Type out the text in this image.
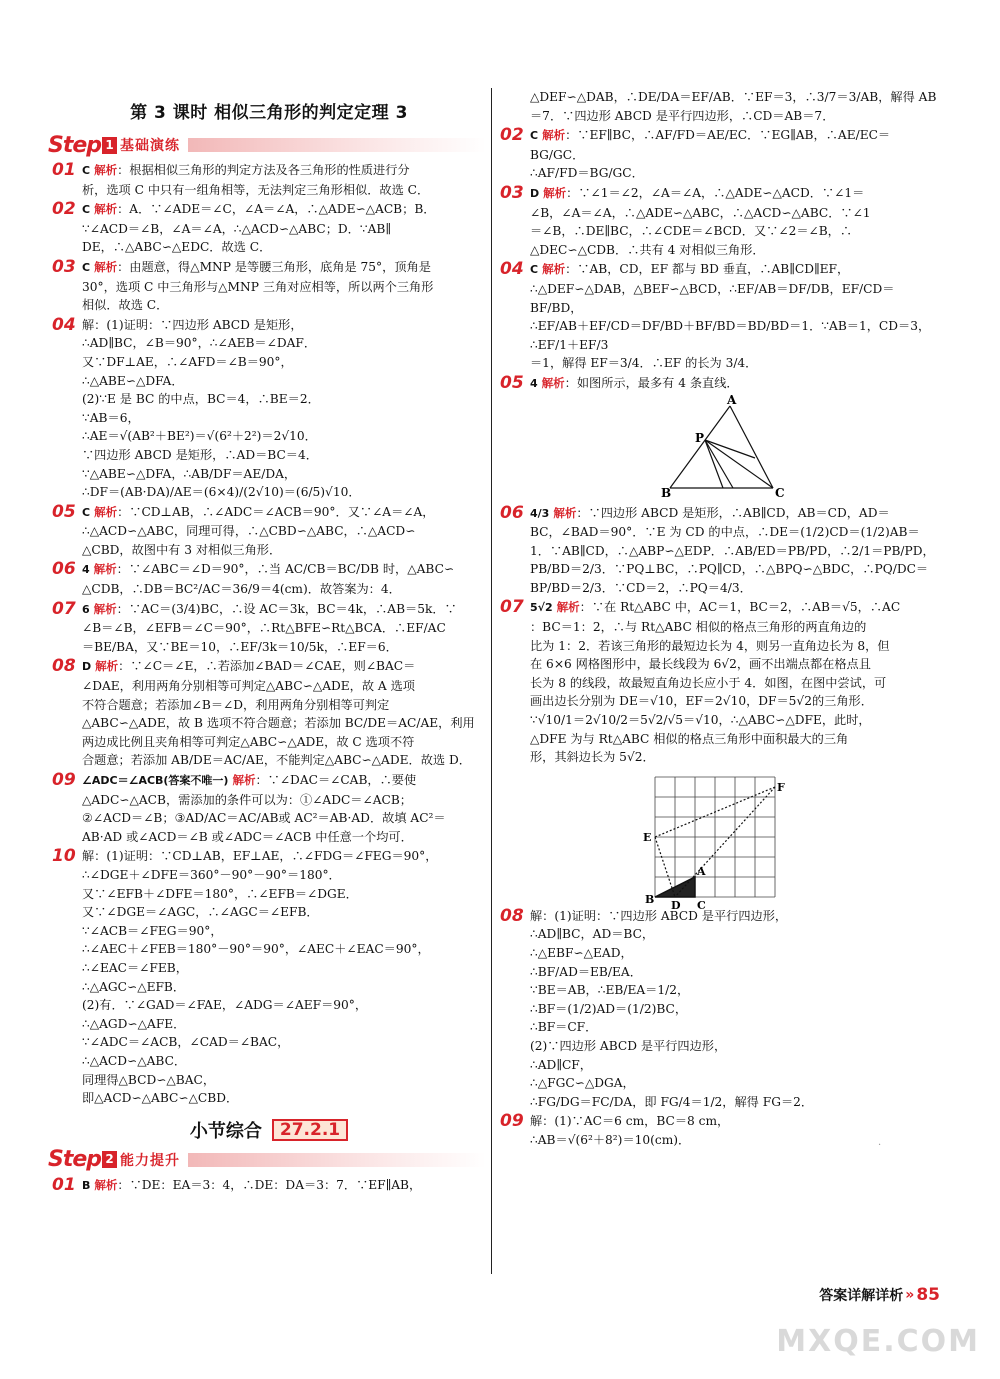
第 3 课时 相似三角形的判定定理 3
Step 1 基础演练
01 C 解析：根据相似三角形的判定方法及各三角形的性质进行分
析，选项 C 中只有一组角相等，无法判定三角形相似．故选 C．
02 C 解析：A．∵∠ADE＝∠C，∠A＝∠A，∴△ADE∽△ACB；B．
∵∠ACD＝∠B，∠A＝∠A，∴△ACD∽△ABC；D．∵AB∥
DE，∴△ABC∽△EDC．故选 C．
03 C 解析：由题意，得△MNP 是等腰三角形，底角是 75°，顶角是
30°，选项 C 中三角形与△MNP 三角对应相等，所以两个三角形
相似．故选 C．
04 解：(1)证明：∵四边形 ABCD 是矩形，
∴AD∥BC，∠B＝90°，∴∠AEB＝∠DAF．
又∵DF⊥AE，∴∠AFD＝∠B＝90°，
∴△ABE∽△DFA．
(2)∵E 是 BC 的中点，BC＝4，∴BE＝2．
∵AB＝6，
∴AE＝√(AB²＋BE²)＝√(6²＋2²)＝2√10．
∵四边形 ABCD 是矩形，∴AD＝BC＝4．
∵△ABE∽△DFA，∴AB/DF＝AE/DA，
∴DF＝(AB·DA)/AE＝(6×4)/(2√10)＝(6/5)√10．
05 C 解析：∵CD⊥AB，∴∠ADC＝∠ACB＝90°．又∵∠A＝∠A，
∴△ACD∽△ABC，同理可得，∴△CBD∽△ABC，∴△ACD∽
△CBD，故图中有 3 对相似三角形．
06 4 解析：∵∠ABC＝∠D＝90°，∴当 AC/CB＝BC/DB 时，△ABC∽
△CDB，∴DB＝BC²/AC＝36/9＝4(cm)．故答案为：4．
07 6 解析：∵AC＝(3/4)BC，∴设 AC＝3k，BC＝4k，∴AB＝5k．∵
∠B＝∠B，∠EFB＝∠C＝90°，∴Rt△BFE∽Rt△BCA．∴EF/AC
＝BE/BA，又∵BE＝10，∴EF/3k＝10/5k，∴EF＝6．
08 D 解析：∵∠C＝∠E，∴若添加∠BAD＝∠CAE，则∠BAC＝
∠DAE，利用两角分别相等可判定△ABC∽△ADE，故 A 选项
不符合题意；若添加∠B＝∠D，利用两角分别相等可判定
△ABC∽△ADE，故 B 选项不符合题意；若添加 BC/DE＝AC/AE，利用
两边成比例且夹角相等可判定△ABC∽△ADE，故 C 选项不符
合题意；若添加 AB/DE＝AC/AE，不能判定△ABC∽△ADE．故选 D．
09 ∠ADC＝∠ACB(答案不唯一) 解析：∵∠DAC＝∠CAB，∴要使
△ADC∽△ACB，需添加的条件可以为：①∠ADC＝∠ACB；
②∠ACD＝∠B；③AD/AC＝AC/AB或 AC²＝AB·AD．故填 AC²＝
AB·AD 或∠ACD＝∠B 或∠ADC＝∠ACB 中任意一个均可．
10 解：(1)证明：∵CD⊥AB，EF⊥AE，∴∠FDG＝∠FEG＝90°，
∴∠DGE＋∠DFE＝360°－90°－90°＝180°．
又∵∠EFB＋∠DFE＝180°，∴∠EFB＝∠DGE．
又∵∠DGE＝∠AGC，∴∠AGC＝∠EFB．
∵∠ACB＝∠FEG＝90°，
∴∠AEC＋∠FEB＝180°－90°＝90°，∠AEC＋∠EAC＝90°，
∴∠EAC＝∠FEB，
∴△AGC∽△EFB．
(2)有．∵∠GAD＝∠FAE，∠ADG＝∠AEF＝90°，
∴△AGD∽△AFE．
∵∠ADC＝∠ACB，∠CAD＝∠BAC，
∴△ACD∽△ABC．
同理得△BCD∽△BAC，
即△ACD∽△ABC∽△CBD．
小节综合	27.2.1
Step 2 能力提升
01 B 解析：∵DE：EA＝3：4，∴DE：DA＝3：7．∵EF∥AB，
△DEF∽△DAB，∴DE/DA＝EF/AB．∵EF＝3，∴3/7＝3/AB，解得 AB
＝7．∵四边形 ABCD 是平行四边形，∴CD＝AB＝7．
02 C 解析：∵EF∥BC，∴AF/FD＝AE/EC．∵EG∥AB，∴AE/EC＝BG/GC．
∴AF/FD＝BG/GC．
03 D 解析：∵∠1＝∠2，∠A＝∠A，∴△ADE∽△ACD．∵∠1＝
∠B，∠A＝∠A，∴△ADE∽△ABC，∴△ACD∽△ABC．∵∠1
＝∠B，∴DE∥BC，∴∠CDE＝∠BCD．又∵∠2＝∠B，∴
△DEC∽△CDB．∴共有 4 对相似三角形．
04 C 解析：∵AB，CD，EF 都与 BD 垂直，∴AB∥CD∥EF，
∴△DEF∽△DAB，△BEF∽△BCD，∴EF/AB＝DF/DB，EF/CD＝BF/BD，
∴EF/AB＋EF/CD＝DF/BD＋BF/BD＝BD/BD＝1．∵AB＝1，CD＝3，∴EF/1＋EF/3
＝1，解得 EF＝3/4．∴EF 的长为 3/4．
05 4 解析：如图所示，最多有 4 条直线．
A
P
B	C
06 4/3 解析：∵四边形 ABCD 是矩形，∴AB∥CD，AB＝CD，AD＝
BC，∠BAD＝90°．∵E 为 CD 的中点，∴DE＝(1/2)CD＝(1/2)AB＝
1．∵AB∥CD，∴△ABP∽△EDP．∴AB/ED＝PB/PD，∴2/1＝PB/PD，
PB/BD＝2/3．∵PQ⊥BC，∴PQ∥CD，∴△BPQ∽△BDC，∴PQ/DC＝
BP/BD＝2/3．∵CD＝2，∴PQ＝4/3．
07 5√2 解析：∵在 Rt△ABC 中，AC＝1，BC＝2，∴AB＝√5，∴AC
：BC＝1：2，∴与 Rt△ABC 相似的格点三角形的两直角边的
比为 1：2．若该三角形的最短边长为 4，则另一直角边长为 8，但
在 6×6 网格图形中，最长线段为 6√2，画不出端点都在格点且
长为 8 的线段，故最短直角边长应小于 4．如图，在图中尝试，可
画出边长分别为 DE＝√10，EF＝2√10，DF＝5√2的三角形．
∵√10/1＝2√10/2＝5√2/√5＝√10，∴△ABC∽△DFE，此时，
△DFE 为与 Rt△ABC 相似的格点三角形中面积最大的三角
形，其斜边长为 5√2．
F
E
A
B D C
08 解：(1)证明：∵四边形 ABCD 是平行四边形，
∴AD∥BC，AD＝BC，
∴△EBF∽△EAD，
∴BF/AD＝EB/EA．
∵BE＝AB，∴EB/EA＝1/2，
∴BF＝(1/2)AD＝(1/2)BC，
∴BF＝CF．
(2)∵四边形 ABCD 是平行四边形，
∴AD∥CF，
∴△FGC∽△DGA，
∴FG/DG＝FC/DA，即 FG/4＝1/2，解得 FG＝2．
09 解：(1)∵AC＝6 cm，BC＝8 cm，
∴AB＝√(6²＋8²)＝10(cm)．	·
答案详解详析 » 85
MXQE.COM
